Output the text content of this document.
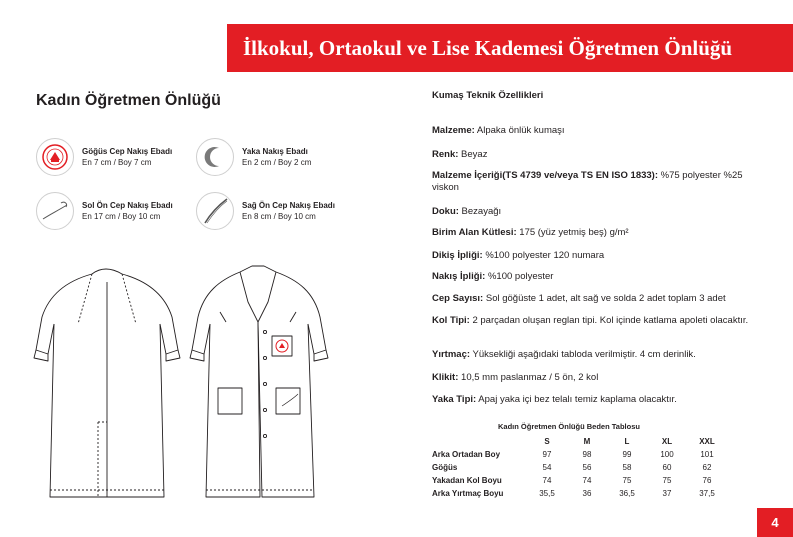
İlkokul, Ortaokul ve Lise Kademesi Öğretmen Önlüğü
Kadın Öğretmen Önlüğü
Göğüs Cep Nakış Ebadı
En 7 cm / Boy 7 cm
Yaka Nakış Ebadı
En 2 cm / Boy 2 cm
Sol Ön Cep Nakış Ebadı
En 17 cm / Boy 10 cm
Sağ Ön Cep Nakış Ebadı
En 8 cm / Boy 10 cm

Kumaş Teknik Özellikleri

Malzeme: Alpaka önlük kumaşı

Renk: Beyaz

Malzeme İçeriği(TS 4739 ve/veya TS EN ISO 1833): %75 polyester %25 viskon

Doku: Bezayağı

Birim Alan Kütlesi: 175 (yüz yetmiş beş) g/m²

Dikiş İpliği: %100 polyester 120 numara

Nakış İpliği: %100 polyester

Cep Sayısı: Sol göğüste 1 adet, alt sağ ve solda 2 adet toplam 3 adet

Kol Tipi: 2 parçadan oluşan reglan tipi. Kol içinde katlama apoleti olacaktır.

Yırtmaç: Yüksekliği aşağıdaki tabloda verilmiştir. 4 cm derinlik.

Klikit: 10,5 mm paslanmaz / 5 ön, 2 kol

Yaka Tipi: Apaj yaka içi bez telalı temiz kaplama olacaktır.

Kadın Öğretmen Önlüğü Beden Tablosu
	S	M	L	XL	XXL
Arka Ortadan Boy	97	98	99	100	101
Göğüs	54	56	58	60	62
Yakadan Kol Boyu	74	74	75	75	76
Arka Yırtmaç Boyu	35,5	36	36,5	37	37,5
4
